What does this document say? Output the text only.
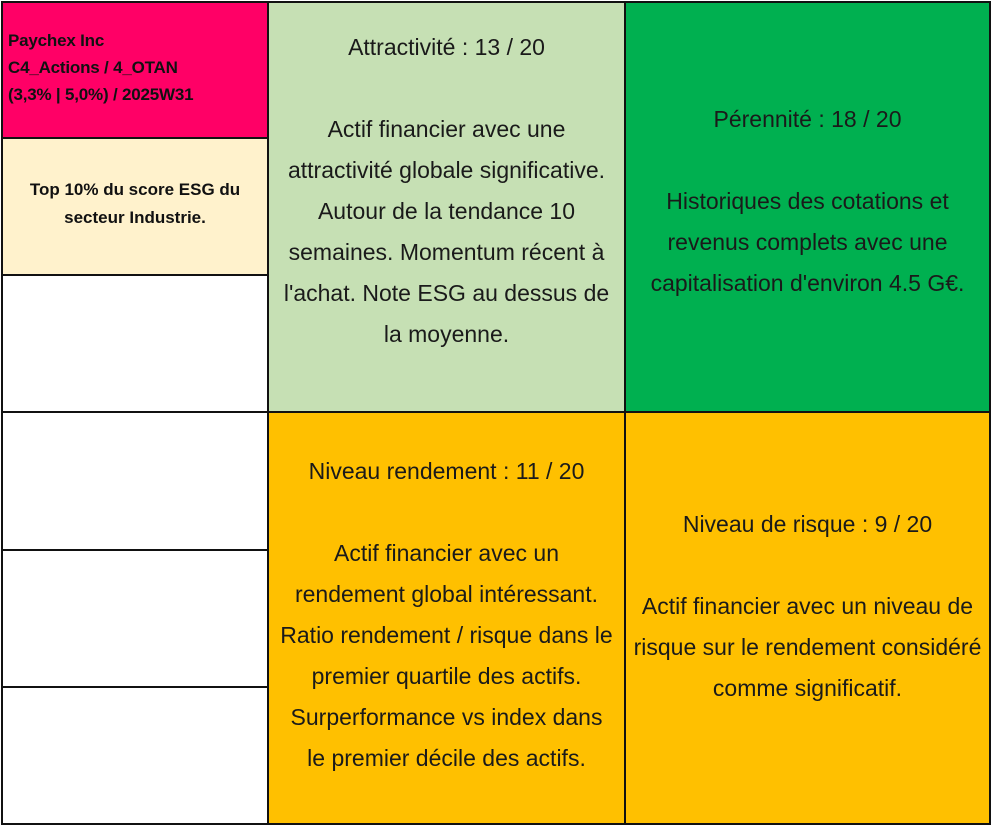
Paychex Inc
C4_Actions / 4_OTAN
(3,3% | 5,0%) / 2025W31
Top 10% du score ESG du secteur Industrie.
Attractivité : 13 / 20
Actif financier avec une attractivité globale significative. Autour de la tendance 10 semaines. Momentum récent à l'achat. Note ESG au dessus de la moyenne.
Pérennité : 18 / 20
Historiques des cotations et revenus complets avec une capitalisation d'environ 4.5 G€.
Niveau rendement : 11 / 20
Actif financier avec un rendement global intéressant. Ratio rendement / risque dans le premier quartile des actifs. Surperformance vs index dans le premier décile des actifs.
Niveau de risque : 9 / 20
Actif financier avec un niveau de risque sur le rendement considéré comme significatif.
